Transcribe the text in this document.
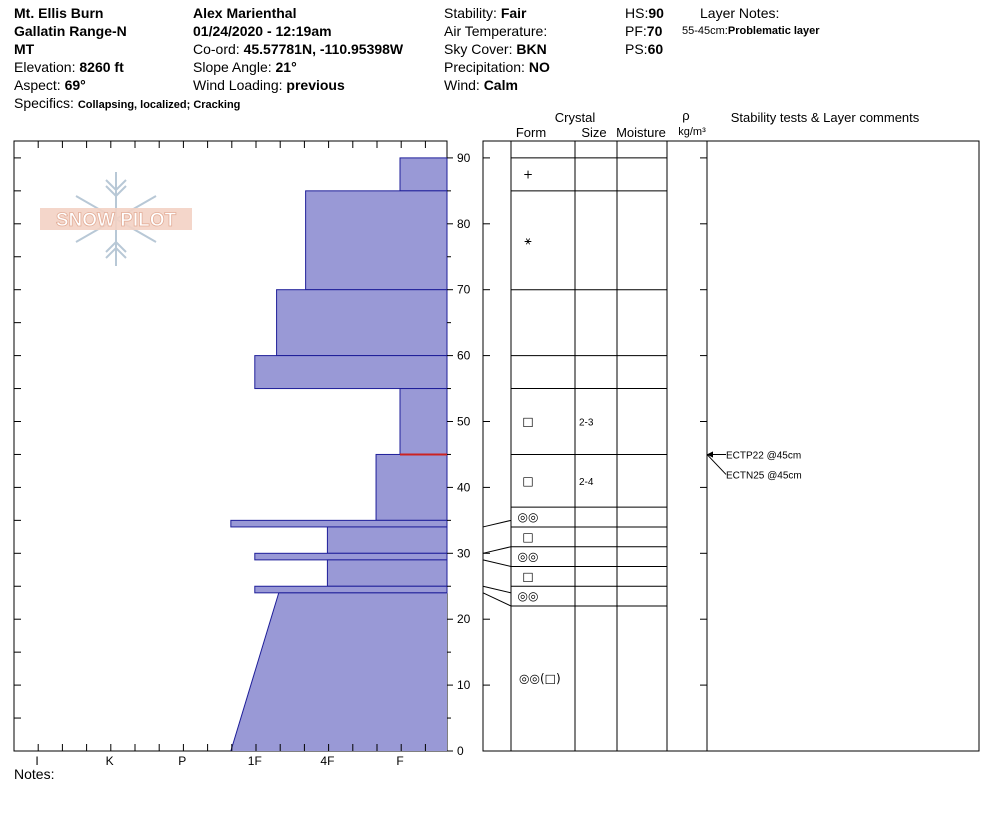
Mt. Ellis Burn
Gallatin Range-N
MT
Elevation: 8260 ft
Aspect: 69°
Specifics: Collapsing, localized; Cracking
Alex Marienthal
01/24/2020 - 12:19am
Co-ord: 45.57781N, -110.95398W
Slope Angle: 21°
Wind Loading: previous
Stability: Fair
Air Temperature:
Sky Cover: BKN
Precipitation: NO
Wind: Calm
HS:90
PF:70
PS:60
Layer Notes:
55-45cm:Problematic layer
SNOW PILOT
0
10
20
30
40
50
60
70
80
90
I	K	P	1F	4F	F
Crystal
Form	Size Moisture
ρ
kg/m³
Stability tests & Layer comments
+
⚹
□	2-3
□	2-4
◎◎
□
◎◎
□
◎◎
◎◎(□)
ECTP22 @45cm
ECTN25 @45cm
Notes:
